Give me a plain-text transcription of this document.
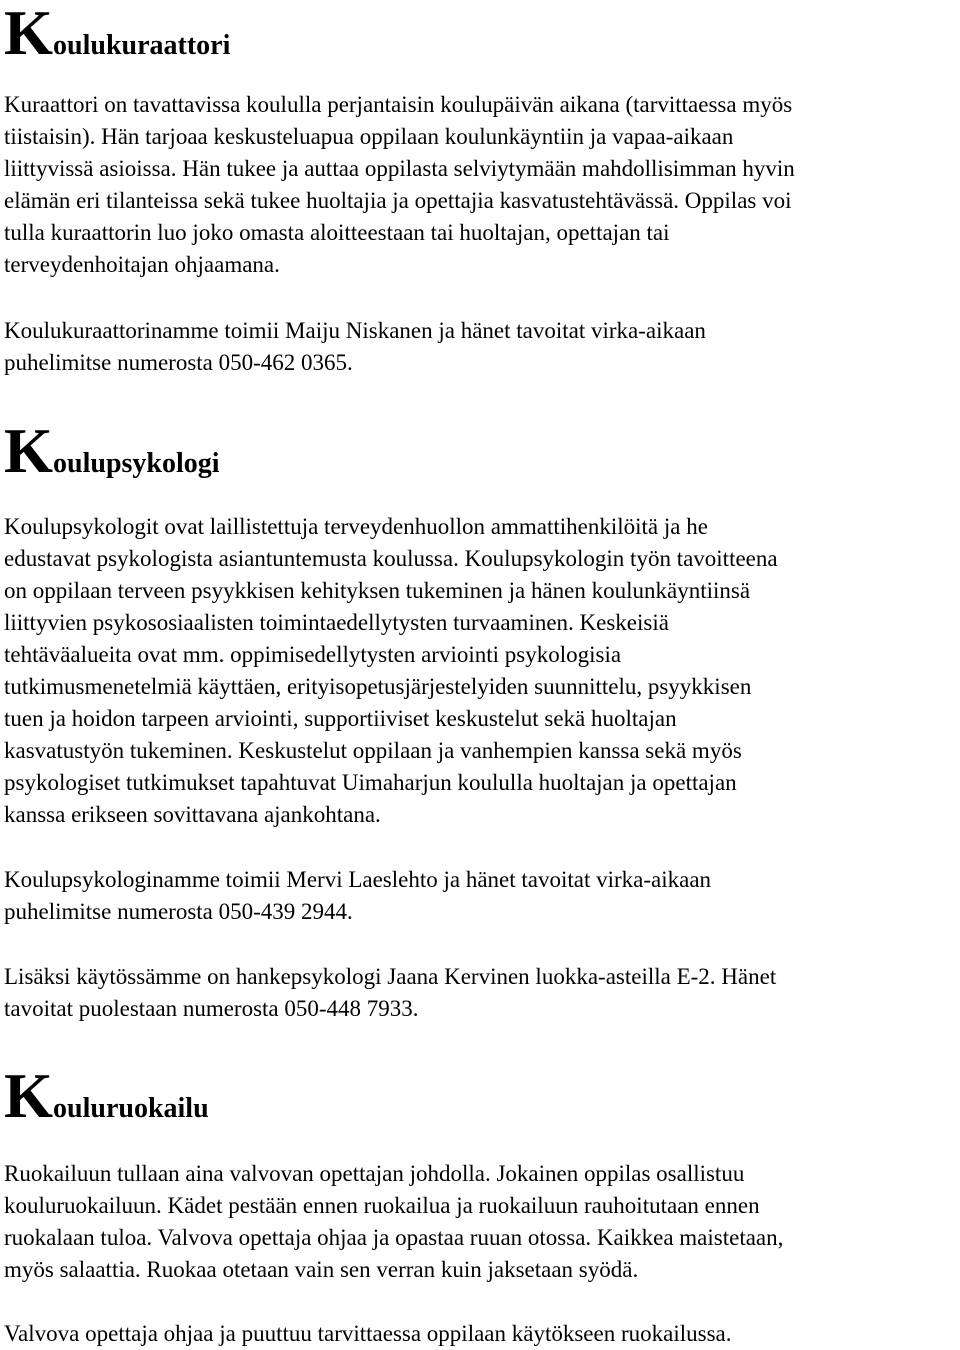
Koulukuraattori

Kuraattori on tavattavissa koululla perjantaisin koulupäivän aikana (tarvittaessa myös
tiistaisin). Hän tarjoaa keskusteluapua oppilaan koulunkäyntiin ja vapaa-aikaan
liittyvissä asioissa. Hän tukee ja auttaa oppilasta selviytymään mahdollisimman hyvin
elämän eri tilanteissa sekä tukee huoltajia ja opettajia kasvatustehtävässä. Oppilas voi
tulla kuraattorin luo joko omasta aloitteestaan tai huoltajan, opettajan tai
terveydenhoitajan ohjaamana.

Koulukuraattorinamme toimii Maiju Niskanen ja hänet tavoitat virka-aikaan
puhelimitse numerosta 050-462 0365.

Koulupsykologi

Koulupsykologit ovat laillistettuja terveydenhuollon ammattihenkilöitä ja he
edustavat psykologista asiantuntemusta koulussa. Koulupsykologin työn tavoitteena
on oppilaan terveen psyykkisen kehityksen tukeminen ja hänen koulunkäyntiinsä
liittyvien psykososiaalisten toimintaedellytysten turvaaminen. Keskeisiä
tehtäväalueita ovat mm. oppimisedellytysten arviointi psykologisia
tutkimusmenetelmiä käyttäen, erityisopetusjärjestelyiden suunnittelu, psyykkisen
tuen ja hoidon tarpeen arviointi, supportiiviset keskustelut sekä huoltajan
kasvatustyön tukeminen. Keskustelut oppilaan ja vanhempien kanssa sekä myös
psykologiset tutkimukset tapahtuvat Uimaharjun koululla huoltajan ja opettajan
kanssa erikseen sovittavana ajankohtana.

Koulupsykologinamme toimii Mervi Laeslehto ja hänet tavoitat virka-aikaan
puhelimitse numerosta 050-439 2944.

Lisäksi käytössämme on hankepsykologi Jaana Kervinen luokka-asteilla E-2. Hänet
tavoitat puolestaan numerosta 050-448 7933.

Kouluruokailu

Ruokailuun tullaan aina valvovan opettajan johdolla. Jokainen oppilas osallistuu
kouluruokailuun. Kädet pestään ennen ruokailua ja ruokailuun rauhoitutaan ennen
ruokalaan tuloa. Valvova opettaja ohjaa ja opastaa ruuan otossa. Kaikkea maistetaan,
myös salaattia. Ruokaa otetaan vain sen verran kuin jaksetaan syödä.

Valvova opettaja ohjaa ja puuttuu tarvittaessa oppilaan käytökseen ruokailussa.
